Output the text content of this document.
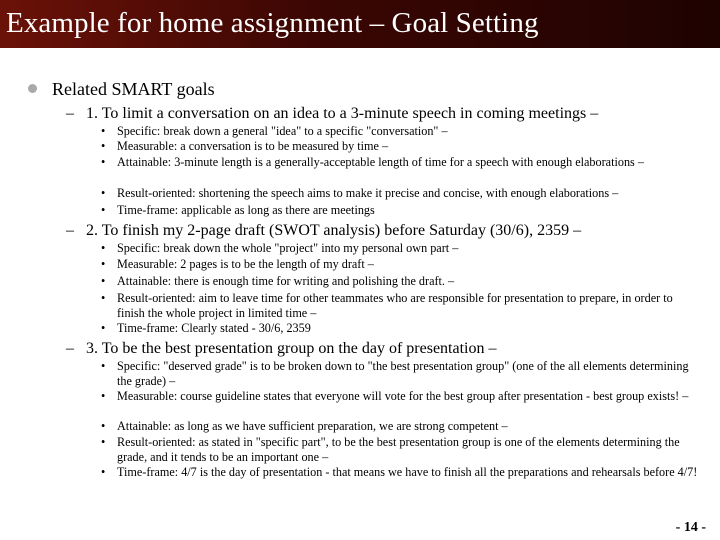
Example for home assignment – Goal Setting
Related SMART goals
– 1. To limit a conversation on an idea to a 3-minute speech in coming meetings –
• Specific: break down a general "idea" to a specific "conversation" –
• Measurable: a conversation is to be measured by time –
• Attainable: 3-minute length is a generally-acceptable length of time for a speech with enough elaborations –
• Result-oriented: shortening the speech aims to make it precise and concise, with enough elaborations –
• Time-frame: applicable as long as there are meetings
– 2. To finish my 2-page draft (SWOT analysis) before Saturday (30/6), 2359 –
• Specific: break down the whole "project" into my personal own part –
• Measurable: 2 pages is to be the length of my draft –
• Attainable: there is enough time for writing and polishing the draft. –
• Result-oriented: aim to leave time for other teammates who are responsible for presentation to prepare, in order to finish the whole project in limited time –
• Time-frame: Clearly stated - 30/6, 2359
– 3. To be the best presentation group on the day of presentation –
• Specific: "deserved grade" is to be broken down to "the best presentation group" (one of the all elements determining the grade) –
• Measurable: course guideline states that everyone will vote for the best group after presentation - best group exists! –
• Attainable: as long as we have sufficient preparation, we are strong competent –
• Result-oriented: as stated in "specific part", to be the best presentation group is one of the elements determining the grade, and it tends to be an important one –
• Time-frame: 4/7 is the day of presentation - that means we have to finish all the preparations and rehearsals before 4/7!
- 14 -
